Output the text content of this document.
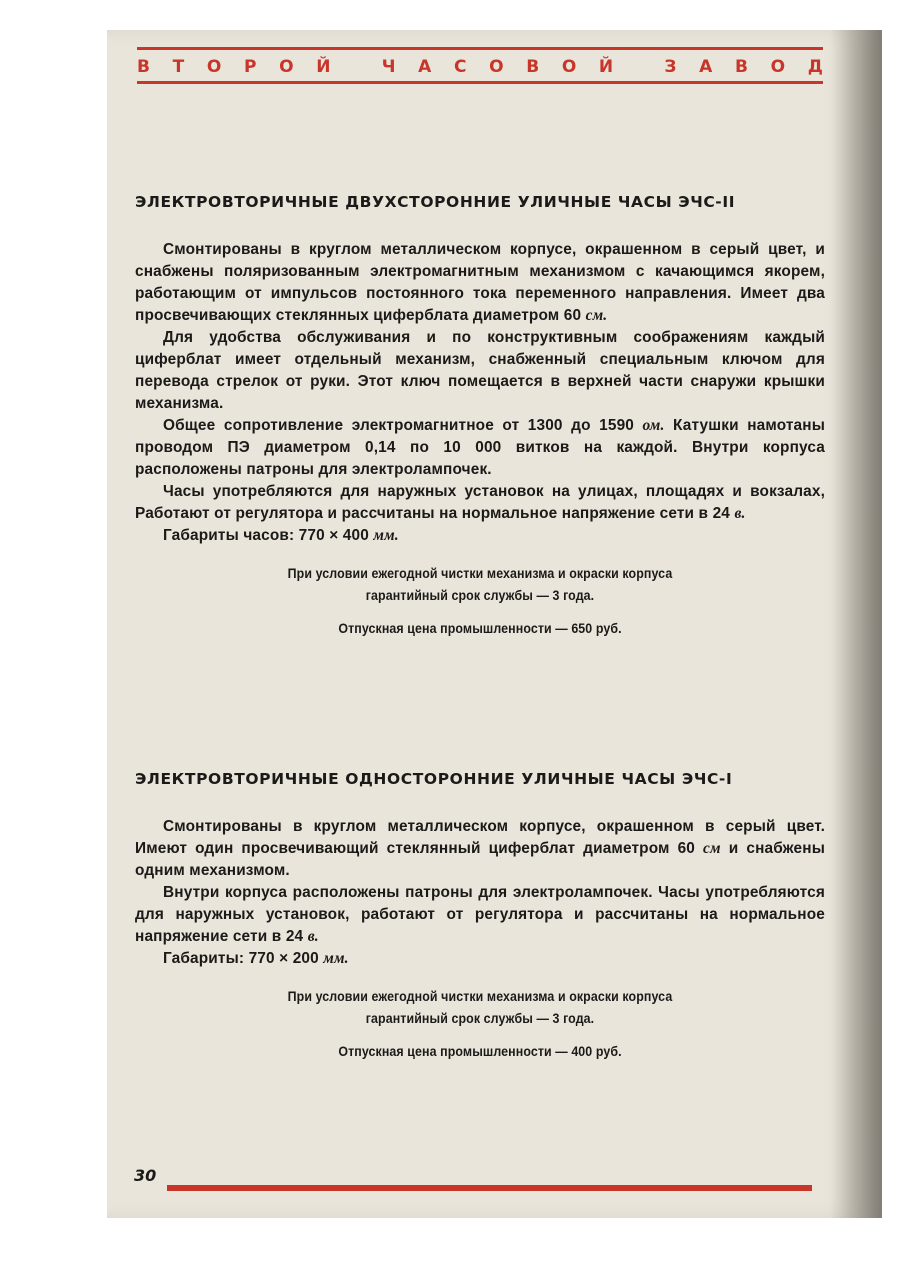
В Т О Р О Й
	Ч А С О В О Й
	З А В О Д
ЭЛЕКТРОВТОРИЧНЫЕ ДВУХСТОРОННИЕ УЛИЧНЫЕ ЧАСЫ ЭЧС-II

Смонтированы в круглом металлическом корпусе, окрашенном в серый цвет, и снабжены поляризованным электромагнитным механизмом с качающимся якорем, работающим от импульсов постоянного тока переменного направления. Имеет два просвечивающих стеклянных циферблата диаметром 60 см.

Для удобства обслуживания и по конструктивным соображениям каждый циферблат имеет отдельный механизм, снабженный специальным ключом для перевода стрелок от руки. Этот ключ помещается в верхней части снаружи крышки механизма.

Общее сопротивление электромагнитное от 1300 до 1590 ом. Катушки намотаны проводом ПЭ диаметром 0,14 по 10 000 витков на каждой. Внутри корпуса расположены патроны для электролампочек.

Часы употребляются для наружных установок на улицах, площадях и вокзалах, Работают от регулятора и рассчитаны на нормальное напряжение сети в 24 в.

Габариты часов: 770 × 400 мм.

При условии ежегодной чистки механизма и окраски корпуса
гарантийный срок службы — 3 года.
Отпускная цена промышленности — 650 руб.
ЭЛЕКТРОВТОРИЧНЫЕ ОДНОСТОРОННИЕ УЛИЧНЫЕ ЧАСЫ ЭЧС-I

Смонтированы в круглом металлическом корпусе, окрашенном в серый цвет. Имеют один просвечивающий стеклянный циферблат диаметром 60 см и снабжены одним механизмом.

Внутри корпуса расположены патроны для электролампочек. Часы употребляются для наружных установок, работают от регулятора и рассчитаны на нормальное напряжение сети в 24 в.

Габариты: 770 × 200 мм.

При условии ежегодной чистки механизма и окраски корпуса
гарантийный срок службы — 3 года.
Отпускная цена промышленности — 400 руб.
30
